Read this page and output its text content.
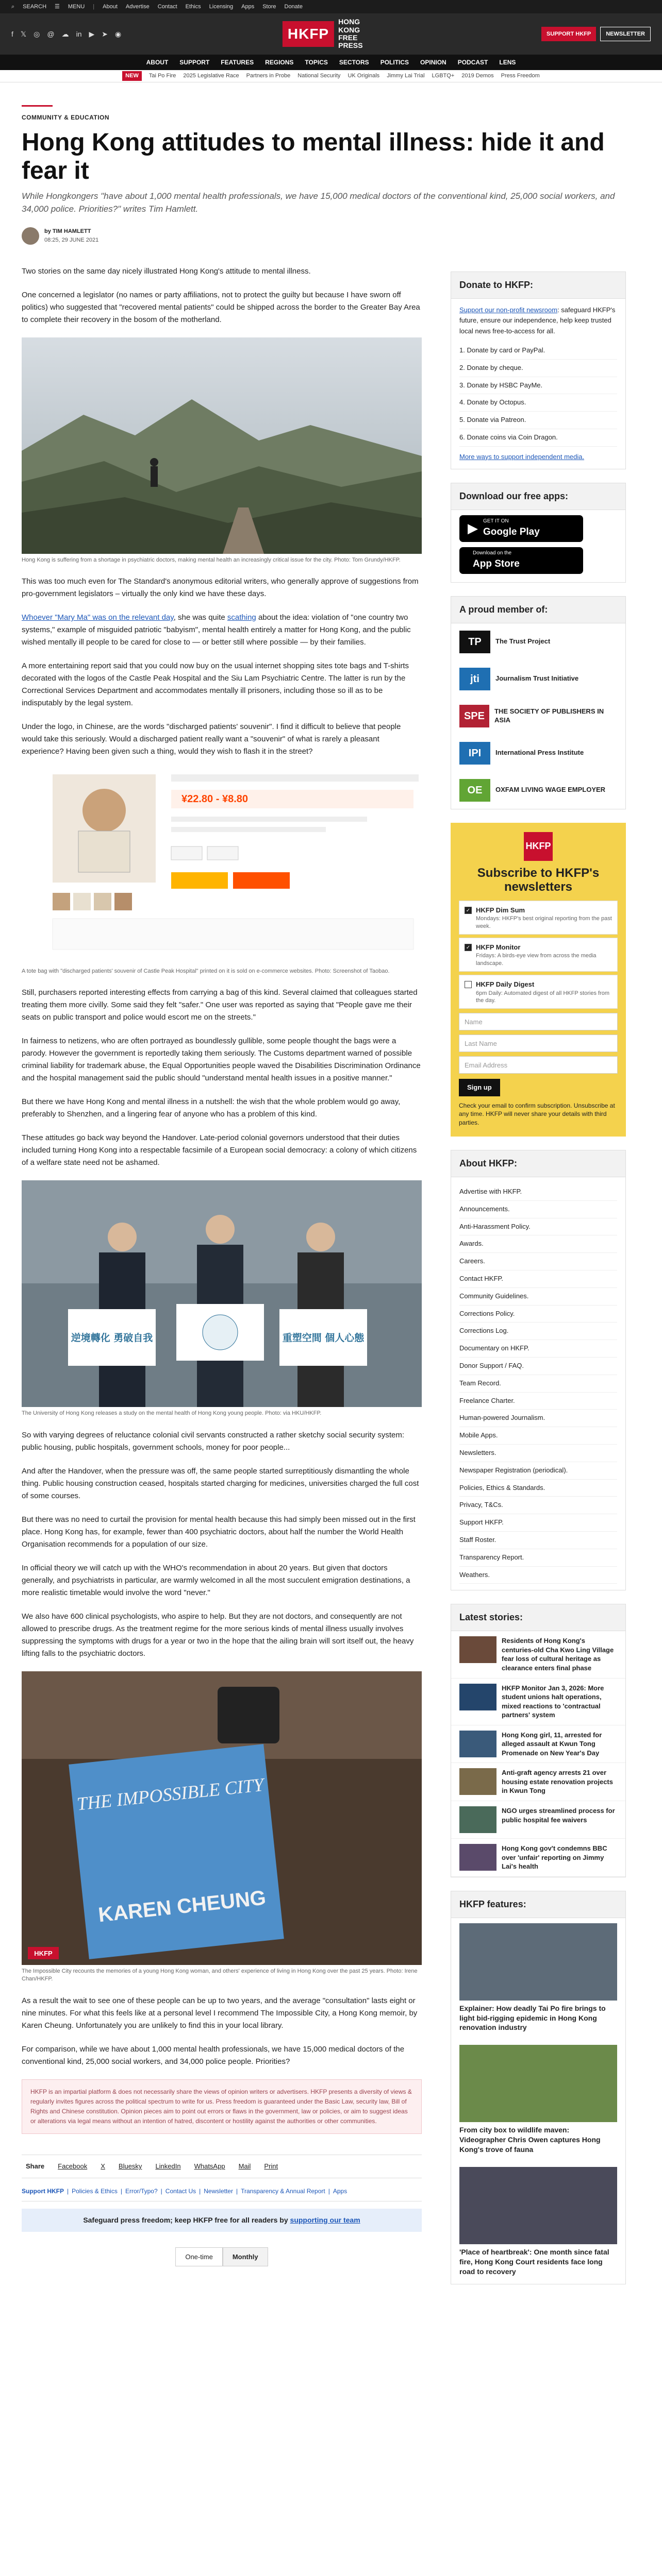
⌕ SEARCH ☰ MENU | About Advertise Contact Ethics Licensing Apps Store Donate
f 𝕏 ◎ @ ☁ in ▶ ➤ ◉	HKFP
HONG KONG FREE PRESS
SUPPORT HKFP	NEWSLETTER
ABOUT SUPPORT FEATURES REGIONS TOPICS SECTORS POLITICS OPINION PODCAST LENS
NEW	Tai Po Fire 2025 Legislative Race Partners in Probe National Security UK Originals Jimmy Lai Trial LGBTQ+ 2019 Demos Press Freedom
COMMUNITY & EDUCATION
Hong Kong attitudes to mental illness: hide it and fear it
While Hongkongers "have about 1,000 mental health professionals, we have 15,000 medical doctors of the conventional kind, 25,000 social workers, and 34,000 police. Priorities?" writes Tim Hamlett.
by TIM HAMLETT
08:25, 29 JUNE 2021

Two stories on the same day nicely illustrated Hong Kong's attitude to mental illness.

One concerned a legislator (no names or party affiliations, not to protect the guilty but because I have sworn off politics) who suggested that "recovered mental patients" could be shipped across the border to the Greater Bay Area to complete their recovery in the bosom of the motherland.

Hong Kong is suffering from a shortage in psychiatric doctors, making mental health an increasingly critical issue for the city. Photo: Tom Grundy/HKFP.

This was too much even for The Standard's anonymous editorial writers, who generally approve of suggestions from pro-government legislators – virtually the only kind we have these days.

Whoever "Mary Ma" was on the relevant day, she was quite scathing about the idea: violation of "one country two systems," example of misguided patriotic "babyism", mental health entirely a matter for Hong Kong, and the public wished mentally ill people to be cared for close to — or better still where possible — by their families.

A more entertaining report said that you could now buy on the usual internet shopping sites tote bags and T-shirts decorated with the logos of the Castle Peak Hospital and the Siu Lam Psychiatric Centre. The latter is run by the Correctional Services Department and accommodates mentally ill prisoners, including those so ill as to be indisputably by the legal system.

Under the logo, in Chinese, are the words "discharged patients' souvenir". I find it difficult to believe that people would take this seriously. Would a discharged patient really want a "souvenir" of what is rarely a pleasant experience? Having been given such a thing, would they wish to flash it in the street?

¥22.80 - ¥8.80
A tote bag with "discharged patients' souvenir of Castle Peak Hospital" printed on it is sold on e-commerce websites. Photo: Screenshot of Taobao.

Still, purchasers reported interesting effects from carrying a bag of this kind. Several claimed that colleagues started treating them more civilly. Some said they felt "safer." One user was reported as saying that "People gave me their seats on public transport and police would escort me on the streets."

In fairness to netizens, who are often portrayed as boundlessly gullible, some people thought the bags were a parody. However the government is reportedly taking them seriously. The Customs department warned of possible criminal liability for trademark abuse, the Equal Opportunities people waved the Disabilities Discrimination Ordinance and the hospital management said the public should "understand mental health issues in a positive manner."

But there we have Hong Kong and mental illness in a nutshell: the wish that the whole problem would go away, preferably to Shenzhen, and a lingering fear of anyone who has a problem of this kind.

These attitudes go back way beyond the Handover. Late-period colonial governors understood that their duties included turning Hong Kong into a respectable facsimile of a European social democracy: a colony of which citizens of a welfare state need not be ashamed.

逆境轉化 勇破自我	重塑空間 個人心態
The University of Hong Kong releases a study on the mental health of Hong Kong young people. Photo: via HKU/HKFP.

So with varying degrees of reluctance colonial civil servants constructed a rather sketchy social security system: public housing, public hospitals, government schools, money for poor people...

And after the Handover, when the pressure was off, the same people started surreptitiously dismantling the whole thing. Public housing construction ceased, hospitals started charging for medicines, universities charged the full cost of some courses.

But there was no need to curtail the provision for mental health because this had simply been missed out in the first place. Hong Kong has, for example, fewer than 400 psychiatric doctors, about half the number the World Health Organisation recommends for a population of our size.

In official theory we will catch up with the WHO's recommendation in about 20 years. But given that doctors generally, and psychiatrists in particular, are warmly welcomed in all the most succulent emigration destinations, a more realistic timetable would involve the word "never."

We also have 600 clinical psychologists, who aspire to help. But they are not doctors, and consequently are not allowed to prescribe drugs. As the treatment regime for the more serious kinds of mental illness usually involves suppressing the symptoms with drugs for a year or two in the hope that the ailing brain will sort itself out, the heavy lifting falls to the psychiatric doctors.

THE IMPOSSIBLE CITY
KAREN CHEUNG
HKFP
The Impossible City recounts the memories of a young Hong Kong woman, and others' experience of living in Hong Kong over the past 25 years. Photo: Irene Chan/HKFP.

As a result the wait to see one of these people can be up to two years, and the average "consultation" lasts eight or nine minutes. For what this feels like at a personal level I recommend The Impossible City, a Hong Kong memoir, by Karen Cheung. Unfortunately you are unlikely to find this in your local library.

For comparison, while we have about 1,000 mental health professionals, we have 15,000 medical doctors of the conventional kind, 25,000 social workers, and 34,000 police people. Priorities?

HKFP is an impartial platform & does not necessarily share the views of opinion writers or advertisers. HKFP presents a diversity of views & regularly invites figures across the political spectrum to write for us. Press freedom is guaranteed under the Basic Law, security law, Bill of Rights and Chinese constitution. Opinion pieces aim to point out errors or flaws in the government, law or policies, or aim to suggest ideas or alterations via legal means without an intention of hatred, discontent or hostility against the authorities or other communities.
Share Facebook X Bluesky LinkedIn WhatsApp Mail Print
Support HKFP | Policies & Ethics | Error/Typo? | Contact Us | Newsletter | Transparency & Annual Report | Apps
Safeguard press freedom; keep HKFP free for all readers by supporting our team
One-time	Monthly
Donate to HKFP:

Support our non-profit newsroom: safeguard HKFP's future, ensure our independence, help keep trusted local news free-to-access for all.

1. Donate by card or PayPal.
2. Donate by cheque.
3. Donate by HSBC PayMe.
4. Donate by Octopus.
5. Donate via Patreon.
6. Donate coins via Coin Dragon.

More ways to support independent media.

Download our free apps:
▶ GET IT ON
Google Play
Download on the
App Store
A proud member of:
TP	The Trust Project
jti	Journalism Trust Initiative
SPE	THE SOCIETY OF PUBLISHERS IN ASIA
IPI	International Press Institute
OE	OXFAM LIVING WAGE EMPLOYER
HKFP
Subscribe to HKFP's newsletters
✓ HKFP Dim Sum
Mondays: HKFP's best original reporting from the past week.
✓ HKFP Monitor
Fridays: A birds-eye view from across the media landscape.
HKFP Daily Digest
6pm Daily: Automated digest of all HKFP stories from the day.
Name
Last Name
Email Address
Sign up

Check your email to confirm subscription. Unsubscribe at any time. HKFP will never share your details with third parties.

About HKFP:
Advertise with HKFP.
Announcements.
Anti-Harassment Policy.
Awards.
Careers.
Contact HKFP.
Community Guidelines.
Corrections Policy.
Corrections Log.
Documentary on HKFP.
Donor Support / FAQ.
Team Record.
Freelance Charter.
Human-powered Journalism.
Mobile Apps.
Newsletters.
Newspaper Registration (periodical).
Policies, Ethics & Standards.
Privacy, T&Cs.
Support HKFP.
Staff Roster.
Transparency Report.
Weathers.
Latest stories:

Residents of Hong Kong's centuries-old Cha Kwo Ling Village fear loss of cultural heritage as clearance enters final phase

HKFP Monitor Jan 3, 2026: More student unions halt operations, mixed reactions to 'contractual partners' system

Hong Kong girl, 11, arrested for alleged assault at Kwun Tong Promenade on New Year's Day

Anti-graft agency arrests 21 over housing estate renovation projects in Kwun Tong

NGO urges streamlined process for public hospital fee waivers

Hong Kong gov't condemns BBC over 'unfair' reporting on Jimmy Lai's health

HKFP features:

Explainer: How deadly Tai Po fire brings to light bid-rigging epidemic in Hong Kong renovation industry

From city box to wildlife maven: Videographer Chris Owen captures Hong Kong's trove of fauna

'Place of heartbreak': One month since fatal fire, Hong Kong Court residents face long road to recovery
